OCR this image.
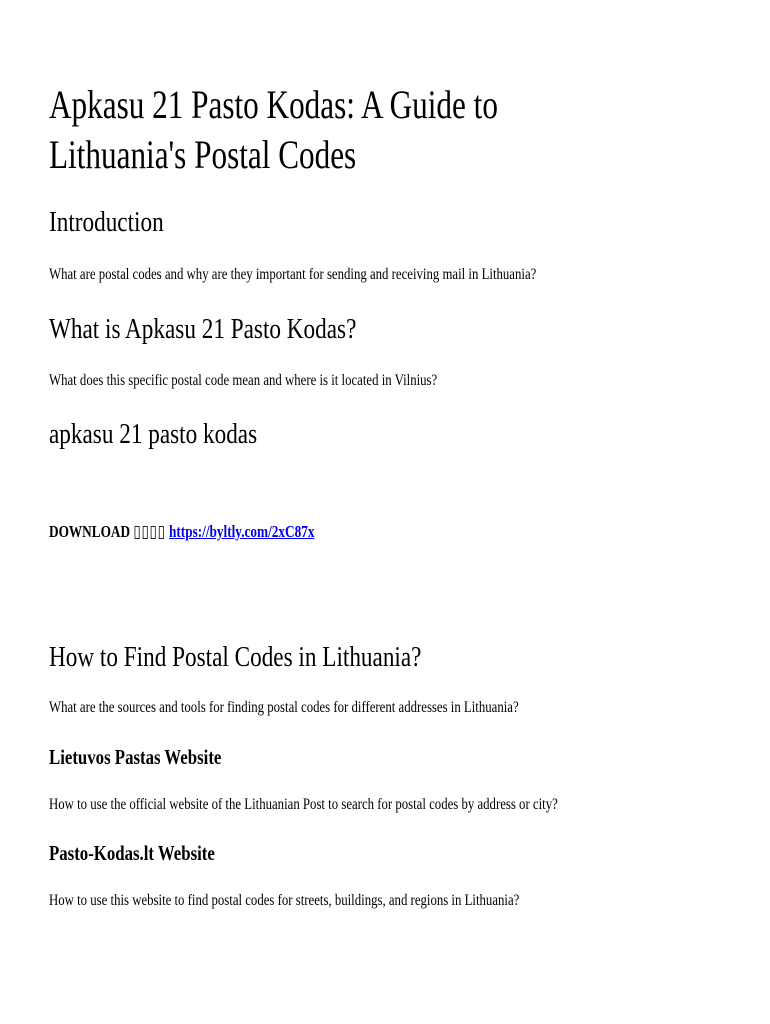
Apkasu 21 Pasto Kodas: A Guide to Lithuania's Postal Codes
Introduction

What are postal codes and why are they important for sending and receiving mail in Lithuania?

What is Apkasu 21 Pasto Kodas?

What does this specific postal code mean and where is it located in Vilnius?

apkasu 21 pasto kodas

DOWNLOAD ▯▯▯▯ https://byltly.com/2xC87x

How to Find Postal Codes in Lithuania?

What are the sources and tools for finding postal codes for different addresses in Lithuania?

Lietuvos Pastas Website

How to use the official website of the Lithuanian Post to search for postal codes by address or city?

Pasto-Kodas.lt Website

How to use this website to find postal codes for streets, buildings, and regions in Lithuania?
